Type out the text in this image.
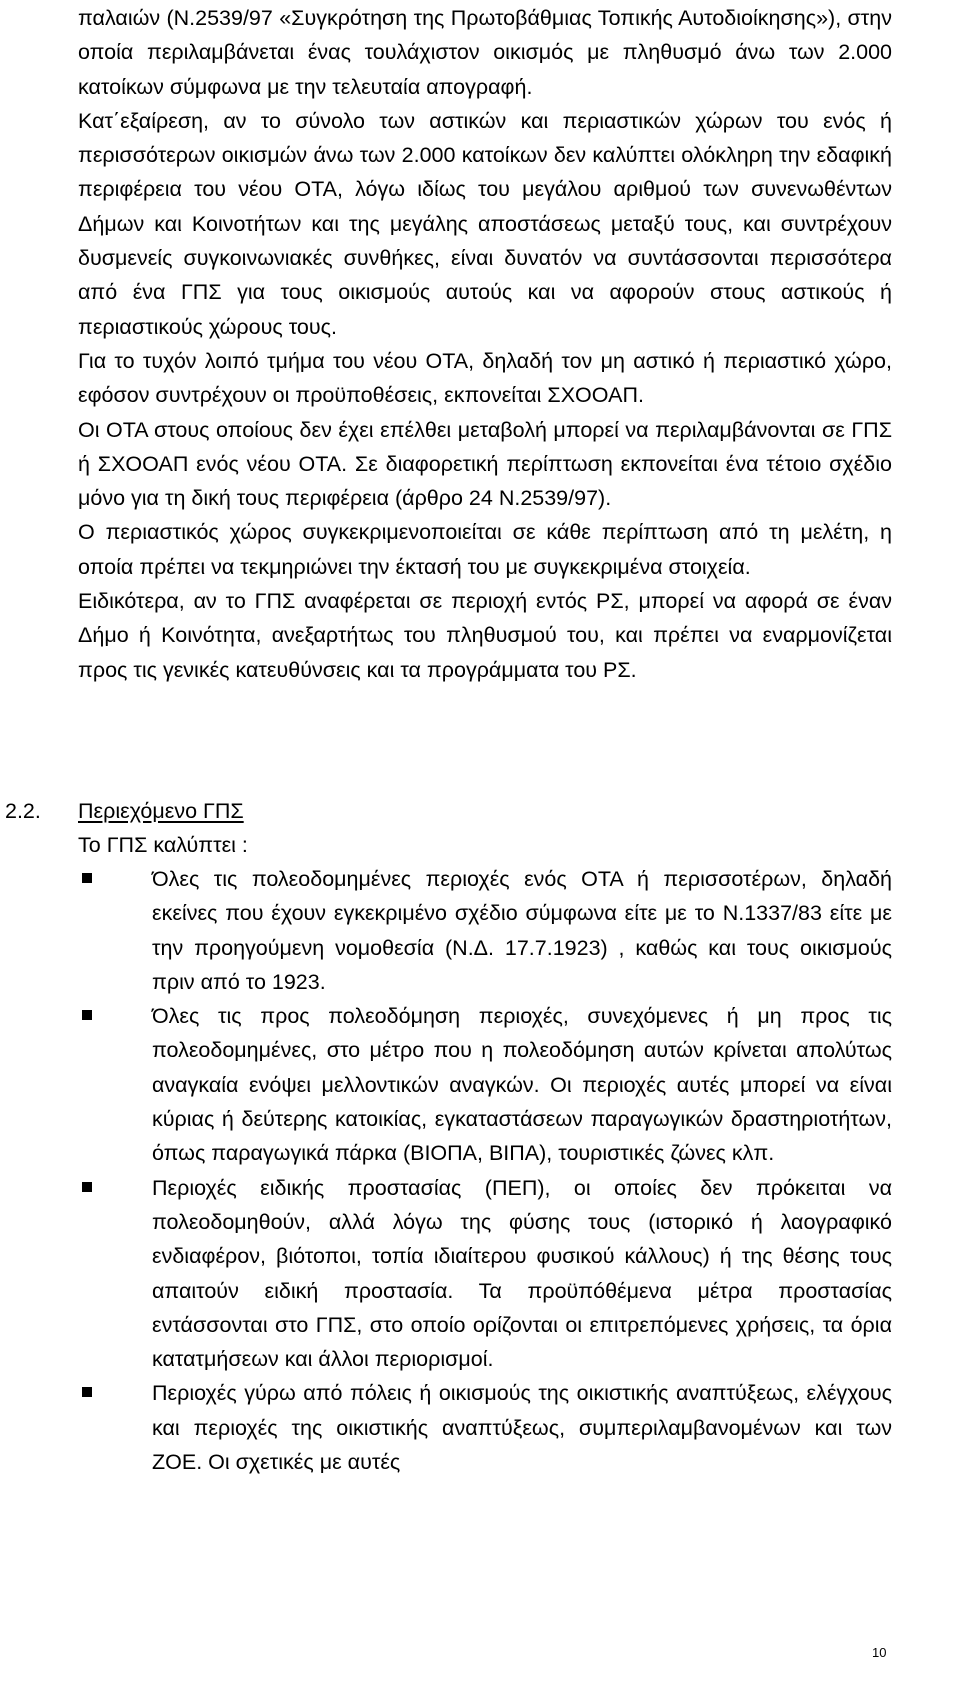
παλαιών (Ν.2539/97 «Συγκρότηση της Πρωτοβάθμιας Τοπικής Αυτοδιοίκησης»), στην οποία περιλαμβάνεται ένας τουλάχιστον οικισμός με πληθυσμό άνω των 2.000 κατοίκων σύμφωνα με την τελευταία απογραφή.

Κατ΄εξαίρεση, αν το σύνολο των αστικών και περιαστικών χώρων του ενός ή περισσότερων οικισμών άνω των 2.000 κατοίκων δεν καλύπτει ολόκληρη την εδαφική περιφέρεια του νέου ΟΤΑ, λόγω ιδίως του μεγάλου αριθμού των συνενωθέντων Δήμων και Κοινοτήτων και της μεγάλης αποστάσεως μεταξύ τους, και συντρέχουν δυσμενείς συγκοινωνιακές συνθήκες, είναι δυνατόν να συντάσσονται περισσότερα από ένα ΓΠΣ για τους οικισμούς αυτούς και να αφορούν στους αστικούς ή περιαστικούς χώρους τους.

Για το τυχόν λοιπό τμήμα του νέου ΟΤΑ, δηλαδή τον μη αστικό ή περιαστικό χώρο, εφόσον συντρέχουν οι προϋποθέσεις, εκπονείται ΣΧΟΟΑΠ.

Οι ΟΤΑ στους οποίους δεν έχει επέλθει μεταβολή μπορεί να περιλαμβάνονται σε ΓΠΣ ή ΣΧΟΟΑΠ ενός νέου ΟΤΑ. Σε διαφορετική περίπτωση εκπονείται ένα τέτοιο σχέδιο μόνο για τη δική τους περιφέρεια (άρθρο 24 Ν.2539/97).

Ο περιαστικός χώρος συγκεκριμενοποιείται σε κάθε περίπτωση από τη μελέτη, η οποία πρέπει να τεκμηριώνει την έκτασή του με συγκεκριμένα στοιχεία.

Ειδικότερα, αν το ΓΠΣ αναφέρεται σε περιοχή εντός ΡΣ, μπορεί να αφορά σε έναν Δήμο ή Κοινότητα, ανεξαρτήτως του πληθυσμού του, και πρέπει να εναρμονίζεται προς τις γενικές κατευθύνσεις και τα προγράμματα του ΡΣ.

2.2. Περιεχόμενο ΓΠΣ
Το ΓΠΣ καλύπτει :
Όλες τις πολεοδομημένες περιοχές ενός ΟΤΑ ή περισσοτέρων, δηλαδή εκείνες που έχουν εγκεκριμένο σχέδιο σύμφωνα είτε με το Ν.1337/83 είτε με την προηγούμενη νομοθεσία (Ν.Δ. 17.7.1923) , καθώς και τους οικισμούς πριν από το 1923.
Όλες τις προς πολεοδόμηση περιοχές, συνεχόμενες ή μη προς τις πολεοδομημένες, στο μέτρο που η πολεοδόμηση αυτών κρίνεται απολύτως αναγκαία ενόψει μελλοντικών αναγκών. Οι περιοχές αυτές μπορεί να είναι κύριας ή δεύτερης κατοικίας, εγκαταστάσεων παραγωγικών δραστηριοτήτων, όπως παραγωγικά πάρκα (ΒΙΟΠΑ, ΒΙΠΑ), τουριστικές ζώνες κλπ.
Περιοχές ειδικής προστασίας (ΠΕΠ), οι οποίες δεν πρόκειται να πολεοδομηθούν, αλλά λόγω της φύσης τους (ιστορικό ή λαογραφικό ενδιαφέρον, βιότοποι, τοπία ιδιαίτερου φυσικού κάλλους) ή της θέσης τους απαιτούν ειδική προστασία. Τα προϋπóθέμενα μέτρα προστασίας εντάσσονται στο ΓΠΣ, στο οποίο ορίζονται οι επιτρεπόμενες χρήσεις, τα όρια κατατμήσεων και άλλοι περιορισμοί.
Περιοχές γύρω από πόλεις ή οικισμούς της οικιστικής αναπτύξεως, ελέγχους και περιοχές της οικιστικής αναπτύξεως, συμπεριλαμβανομένων και των ΖΟΕ. Οι σχετικές με αυτές
10
